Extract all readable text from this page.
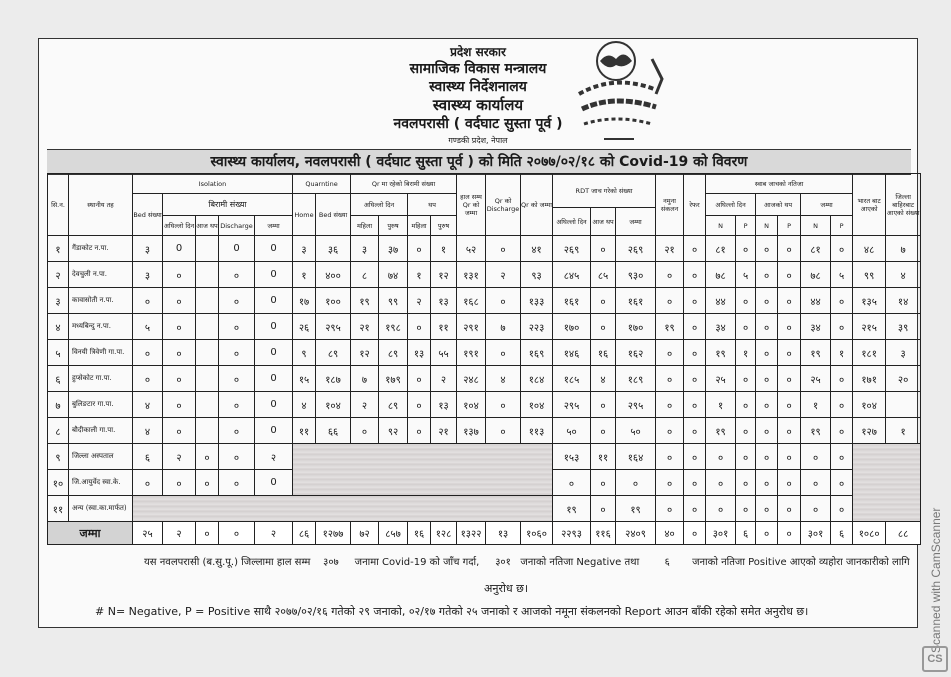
प्रदेश सरकार
सामाजिक विकास मन्त्रालय
स्वास्थ्य निर्देशनालय
स्वास्थ्य कार्यालय
नवलपरासी ( वर्दघाट सुस्ता पूर्व )
गण्डकी प्रदेश, नेपाल
स्वास्थ्य कार्यालय, नवलपरासी ( वर्दघाट सुस्ता पूर्व ) को मिति २०७७/०२/१८ को Covid-19 को विवरण
सि.न.	स्थानीय तह	Isolation					Quarntine		Qr मा रहेको बिरामी संख्या				हाल सम्म Qr को जम्मा	Qr को Discharge	Qr को जम्मा	RDT जाच गरेको संख्या			नमुना संकलन	रेफर	स्वाब जाचको नतिजा						भारत बाट आएको	जिल्ला बाहिरबाट आएको संख्या
		Bed संख्या	बिरामी संख्या				Home	Bed संख्या	अघिल्लो दिन		थप										अघिल्लो दिन		आजको थप		जम्मा			
																अघिल्लो दिन	आज थप	जम्मा										
			अघिल्लो दिन	आज थप	Discharge	जम्मा			महिला	पुरुष	महिला	पुरुष									N	P	N	P	N	P		
१	गैंडाकोट न.पा.	३	0		0	0	३	३६	३	३७	०	१	५२	०	४१	२६९	०	२६९	२१	०	८१	०	०	०	८१	०	४८	७
२	देवचुली न.पा.	३	०		०	0	१	४००	८	७४	१	१२	१३१	२	९३	८४५	८५	९३०	०	०	७८	५	०	०	७८	५	९९	४
३	कावासोती न.पा.	०	०		०	0	१७	१००	१९	९९	२	१३	१६८	०	१३३	१६१	०	१६१	०	०	४४	०	०	०	४४	०	१३५	१४
४	मध्यबिन्दु न.पा.	५	०		०	0	२६	२९५	२१	१९८	०	११	२९१	७	२२३	१७०	०	१७०	१९	०	३४	०	०	०	३४	०	२१५	३९
५	विनयी त्रिवेणी गा.पा.	०	०		०	0	९	८९	१२	८९	१३	५५	१९१	०	१६९	१४६	१६	१६२	०	०	१९	१	०	०	१९	१	१८१	३
६	हुप्सेकोट गा.पा.	०	०		०	0	१५	१८७	७	१७९	०	२	२४८	४	१८४	१८५	४	१८९	०	०	२५	०	०	०	२५	०	१७१	२०
७	बुलिङटार गा.पा.	४	०		०	0	४	१०४	२	८९	०	१३	१०४	०	१०४	२९५	०	२९५	०	०	१	०	०	०	१	०	१०४	
८	बौदीकाली गा.पा.	४	०		०	0	११	६६	०	९२	०	२१	१३७	०	११३	५०	०	५०	०	०	१९	०	०	०	१९	०	१२७	१
९	जिल्ला अस्पताल	६	२	०	०	२										१५३	११	१६४	०	०	०	०	०	०	०	०		
१०	जि.आयुर्वेद स्वा.के.	०	०	०	०	0										०	०	०	०	०	०	०	०	०	०	०		
११	अन्य (स्वा.का.मार्फत)															१९	०	१९	०	०	०	०	०	०	०	०		
जम्मा		२५	२	०	०	२	८६	१२७७	७२	८५७	१६	१२८	१३२२	१३	१०६०	२२९३	११६	२४०९	४०	०	३०१	६	०	०	३०१	६	१०८०	८८
यस नवलपरासी (ब.सु.पू.) जिल्लामा हाल सम्म ३०७ जनामा Covid-19 को जाँच गर्दा, ३०१ जनाको नतिजा Negative तथा	६ जनाको नतिजा Positive आएको व्यहोरा जानकारीको लागि
अनुरोध छ।
# N= Negative, P = Positive साथै २०७७/०२/१६ गतेको २९ जनाको, ०२/१७ गतेको २५ जनाको र आजको नमूना संकलनको Report आउन बाँकी रहेको समेत अनुरोध छ।	Scanned with CamScanner
CS
